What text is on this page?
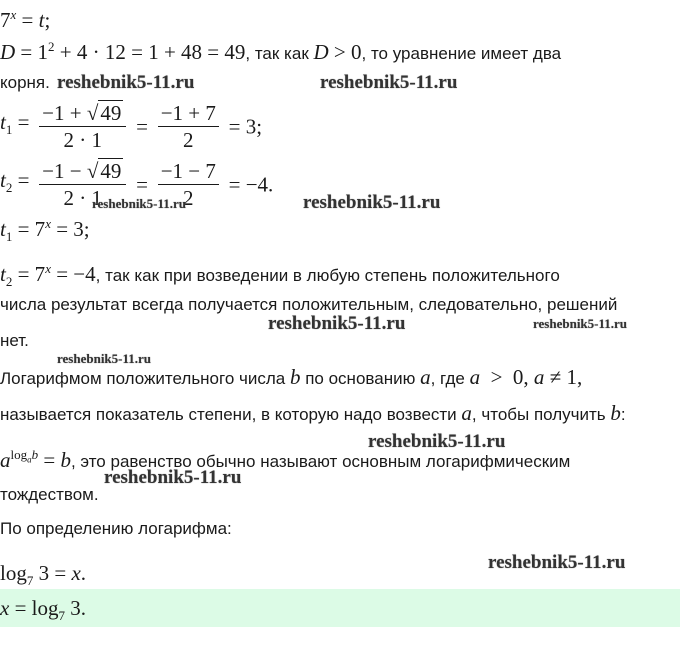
$7^x = t$;
$D = 1^2 + 4 \cdot 12 = 1 + 48 = 49$, так как D > 0, то уравнение имеет два
корня.
$t_1 = \frac{-1 + √49}{2 \cdot 1} = \frac{-1 + 7}{2} = 3$;
$t_2 = \frac{-1 - √49}{2 \cdot 1} = \frac{-1 - 7}{2} = -4$.
$t_1 = 7^x = 3$;
$t_2 = 7^x = -4$, так как при возведении в любую степень положительного
числа результат всегда получается положительным, следовательно, решений
нет.
Логарифмом положительного числа b по основанию a, где a  >  0, a ≠ 1,
называется показатель степени, в которую надо возвести a, чтобы получить b:
$a^{log_ab} = b$, это равенство обычно называют основным логарифмическим
тождеством.
По определению логарифма:
$\log_7 3 = x$.
$x = \log_7 3$.
reshebnik5-11.ru	reshebnik5-11.ru
reshebnik5-11.ru	reshebnik5-11.ru
reshebnik5-11.ru	reshebnik5-11.ru
reshebnik5-11.ru
reshebnik5-11.ru
reshebnik5-11.ru
reshebnik5-11.ru
